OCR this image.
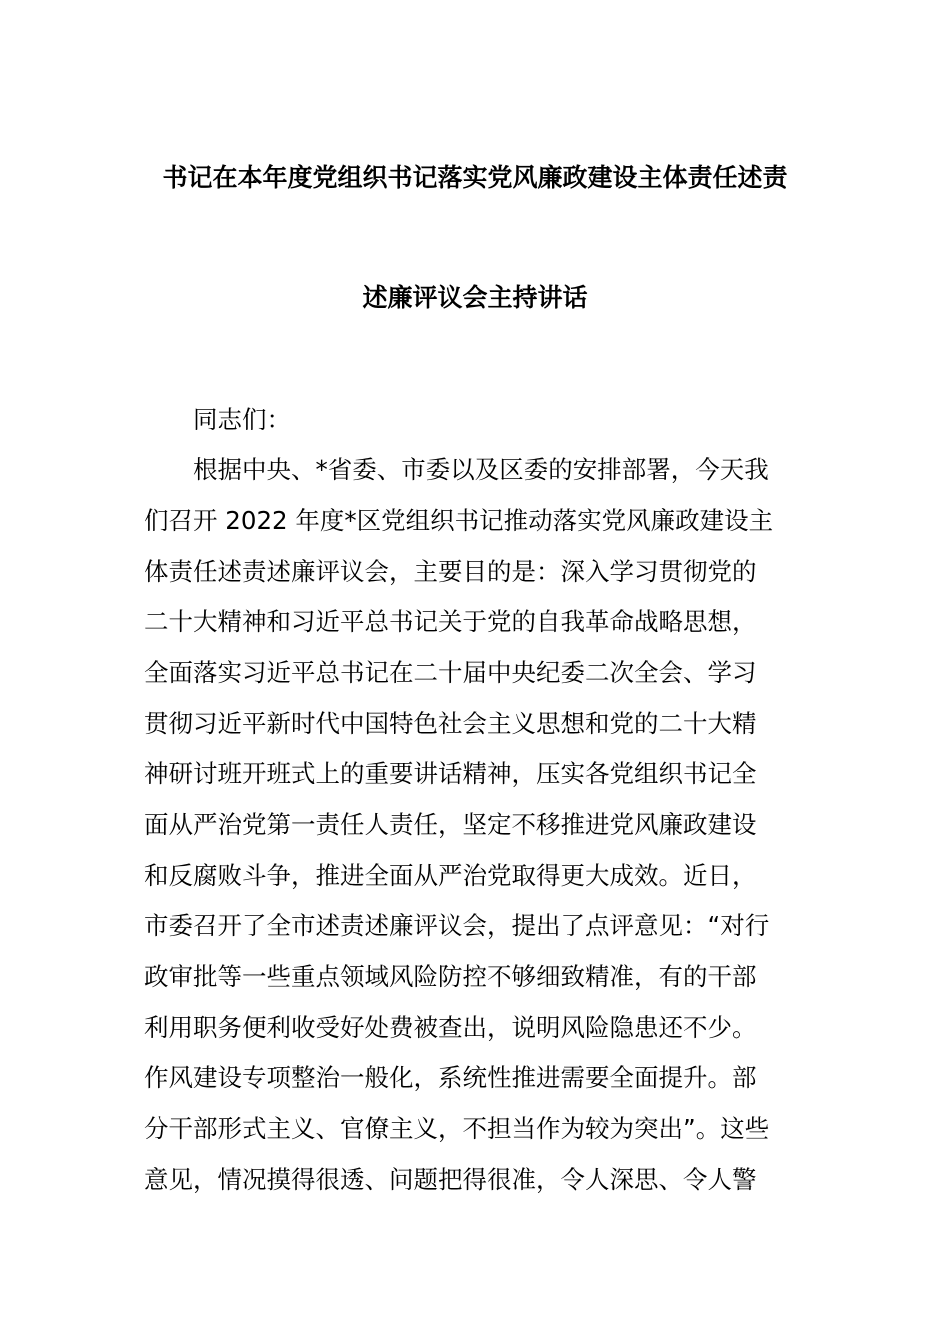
书记在本年度党组织书记落实党风廉政建设主体责任述责
述廉评议会主持讲话
同志们：
根据中央、*省委、市委以及区委的安排部署，今天我
们召开 2022 年度*区党组织书记推动落实党风廉政建设主
体责任述责述廉评议会，主要目的是：深入学习贯彻党的
二十大精神和习近平总书记关于党的自我革命战略思想，
全面落实习近平总书记在二十届中央纪委二次全会、学习
贯彻习近平新时代中国特色社会主义思想和党的二十大精
神研讨班开班式上的重要讲话精神，压实各党组织书记全
面从严治党第一责任人责任，坚定不移推进党风廉政建设
和反腐败斗争，推进全面从严治党取得更大成效。近日，
市委召开了全市述责述廉评议会，提出了点评意见：“对行
政审批等一些重点领域风险防控不够细致精准，有的干部
利用职务便利收受好处费被查出，说明风险隐患还不少。
作风建设专项整治一般化，系统性推进需要全面提升。部
分干部形式主义、官僚主义，不担当作为较为突出”。这些
意见，情况摸得很透、问题把得很准，令人深思、令人警
